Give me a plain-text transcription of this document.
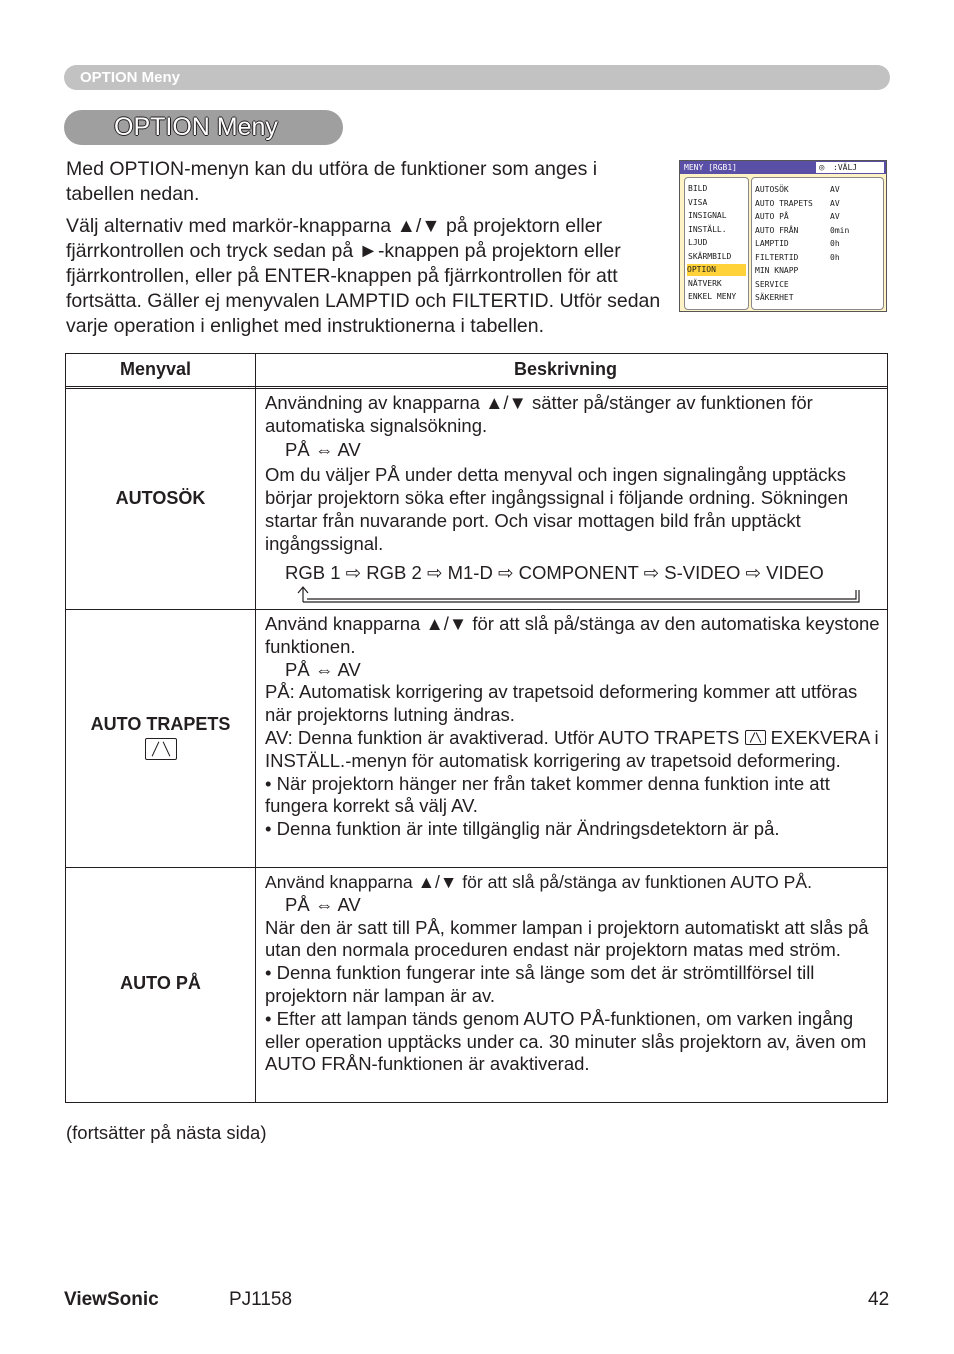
OPTION Meny
OPTION Meny

Med OPTION-menyn kan du utföra de funktioner som anges i tabellen nedan.

Välj alternativ med markör-knapparna ▲/▼ på projektorn eller fjärrkontrollen och tryck sedan på ►-knappen på projektorn eller fjärrkontrollen, eller på ENTER-knappen på fjärrkontrollen för att fortsätta. Gäller ej menyvalen LAMPTID och FILTERTID. Utför sedan varje operation i enlighet med instruktionerna i tabellen.

MENY [RGB1]	◎ :VÄLJ
BILD
VISA
INSIGNAL
INSTÄLL.
LJUD
SKÄRMBILD
OPTION
NÄTVERK
ENKEL MENY
AUTOSÖK	AV
AUTO TRAPETS AV
AUTO PÅ	AV
AUTO FRÅN	0min
LAMPTID	0h
FILTERTID	0h
MIN KNAPP
SERVICE
SÄKERHET
Menyval	Beskrivning
AUTOSÖK

Användning av knapparna ▲/▼ sätter på/stänger av funktionen för automatiska signalsökning.

PÅ ⇔ AV

Om du väljer PÅ under detta menyval och ingen signalingång upptäcks börjar projektorn söka efter ingångssignal i följande ordning. Sökningen startar från nuvarande port. Och visar mottagen bild från upptäckt ingångssignal.

RGB 1 ⇨ RGB 2 ⇨ M1-D ⇨ COMPONENT ⇨ S-VIDEO ⇨ VIDEO

AUTO TRAPETS

Använd knapparna ▲/▼ för att slå på/stänga av den automatiska keystone funktionen.

PÅ ⇔ AV

PÅ: Automatisk korrigering av trapetsoid deformering kommer att utföras när projektorns lutning ändras.

AV: Denna funktion är avaktiverad. Utför AUTO TRAPETS EXEKVERA i INSTÄLL.-menyn för automatisk korrigering av trapetsoid deformering.

• När projektorn hänger ner från taket kommer denna funktion inte att fungera korrekt så välj AV.

• Denna funktion är inte tillgänglig när Ändringsdetektorn är på.

AUTO PÅ

Använd knapparna ▲/▼ för att slå på/stänga av funktionen AUTO PÅ.

PÅ ⇔ AV

När den är satt till PÅ, kommer lampan i projektorn automatiskt att slås på utan den normala proceduren endast när projektorn matas med ström.

• Denna funktion fungerar inte så länge som det är strömtillförsel till projektorn när lampan är av.

• Efter att lampan tänds genom AUTO PÅ-funktionen, om varken ingång eller operation upptäcks under ca. 30 minuter slås projektorn av, även om AUTO FRÅN-funktionen är avaktiverad.

(fortsätter på nästa sida)
ViewSonic	PJ1158	42
